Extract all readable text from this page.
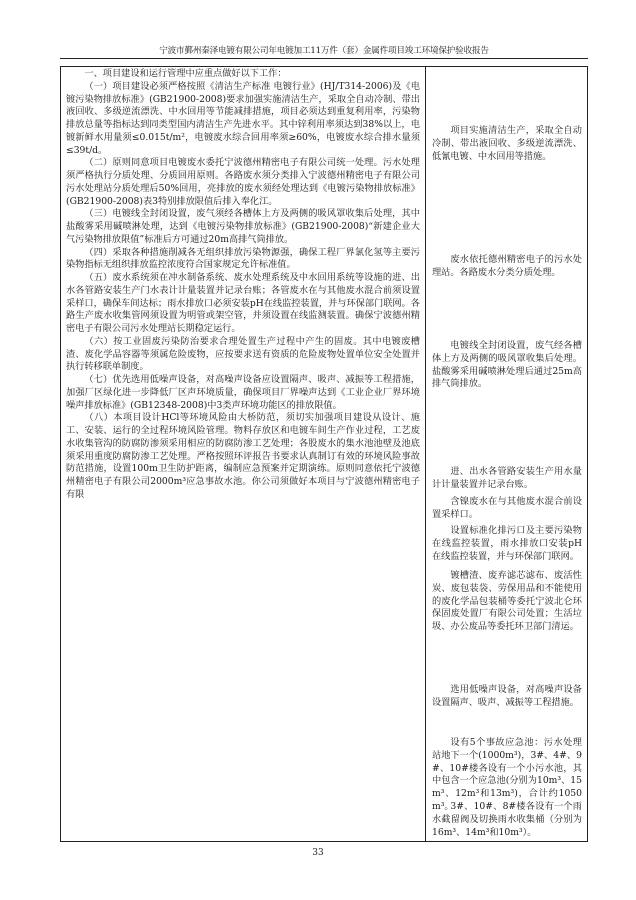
宁波市鄞州秦泽电镀有限公司年电镀加工11万件（套）金属件项目竣工环境保护验收报告

一、项目建设和运行管理中应重点做好以下工作：

（一）项目建设必须严格按照《清洁生产标准 电镀行业》(HJ/T314-2006)及《电镀污染物排放标准》(GB21900-2008)要求加强实施清洁生产，采取全自动冷制、带出液回收、多级逆流漂洗、中水回用等节能减排措施，项目必须达到重复利用率，污染物排放总量等指标达到同类型国内清洁生产先进水平。其中锌利用率须达到38%以上，电镀新鲜水用量须≤0.015t/m²，电镀废水综合回用率须≥60%，电镀废水综合排水量须≤39t/d。

（二）原则同意项目电镀废水委托宁波德州精密电子有限公司统一处理。污水处理须严格执行分质处理、分质回用原则。各路废水须分类排入宁波德州精密电子有限公司污水处理站分质处理后50%回用，亮排放的废水须经处理达到《电镀污染物排放标准》(GB21900-2008)表3特别排放限值后排入奉化江。

（三）电镀线全封闭设置，废气须经各槽体上方及两侧的吸风罩收集后处理，其中盐酸雾采用碱喷淋处理，达到《电镀污染物排放标准》(GB21900-2008)“新建企业大气污染物排放限值”标准后方可通过20m高排气筒排放。

（四）采取各种措施削减各无组织排放污染物源强，确保工程厂界氯化氢等主要污染物指标无组织排放监控浓度符合国家规定允许标准值。

（五）废水系统须在冲水制备系统、废水处理系统及中水回用系统等设施的进、出水各管路安装生产门水表计计量装置并记录台账；各管废水在与其他废水混合前须设置采样口，确保车间达标；雨水排放口必须安装pH在线监控装置，并与环保部门联网。各路生产废水收集管网须设置为明管或架空管，并须设置在线监测装置。确保宁波德州精密电子有限公司污水处理站长期稳定运行。

（六）按工业固废污染防治要求合理处置生产过程中产生的固废。其中电镀废槽渣、废化学品容器等须属危险废物，应按要求送有资质的危险废物处置单位安全处置并执行转移联单制度。

（七）优先选用低噪声设备，对高噪声设备应设置隔声、吸声、减振等工程措施，加强厂区绿化进一步降低厂区声环境质量，确保项目厂界噪声达到《工业企业厂界环境噪声排放标准》(GB12348-2008)中3类声环境功能区的排放限值。

（八）本项目设计HCl等环境风险由大桥防范，须切实加强项目建设从设计、施工、安装、运行的全过程环境风险管理。物料存放区和电镀车间生产作业过程，工艺废水收集管沟的防腐防渗须采用相应的防腐防渗工艺处理；各股废水的集水池池壁及池底须采用重度防腐防渗工艺处理。严格按照环评报告书要求认真制订有效的环境风险事故防范措施，设置100m卫生防护距离，编制应急预案并定期演练。原则同意依托宁波德州精密电子有限公司2000m³应急事故水池。你公司须做好本项目与宁波德州精密电子有限

项目实施清洁生产，采取全自动冷制、带出液回收、多级逆流漂洗、低氰电镀、中水回用等措施。

废水依托德州精密电子的污水处理站。各路废水分类分质处理。

电镀线全封闭设置，废气经各槽体上方及两侧的吸风罩收集后处理。盐酸雾采用碱喷淋处理后通过25m高排气筒排放。

进、出水各管路安装生产用水量计计量装置并记录台账。

含镍废水在与其他废水混合前设置采样口。

设置标准化排污口及主要污染物在线监控装置，雨水排放口安装pH在线监控装置，并与环保部门联网。

镀槽渣、废弃滤芯滤布、废活性炭、废包装袋、劳保用品和不能使用的废化学品包装桶等委托宁波北仑环保固废处置厂有限公司处置；生活垃圾、办公废品等委托环卫部门清运。

选用低噪声设备，对高噪声设备设置隔声、吸声、减振等工程措施。

设有5个事故应急池：污水处理站地下一个(1000m³)，3#、4#、9#、10#楼各设有一个小污水池，其中包含一个应急池(分别为10m³、15m³、12m³和13m³)，合计约1050m³。

3#、10#、8#楼各设有一个雨水截留阀及切换雨水收集桶（分别为16m³、14m³和10m³）。

33
